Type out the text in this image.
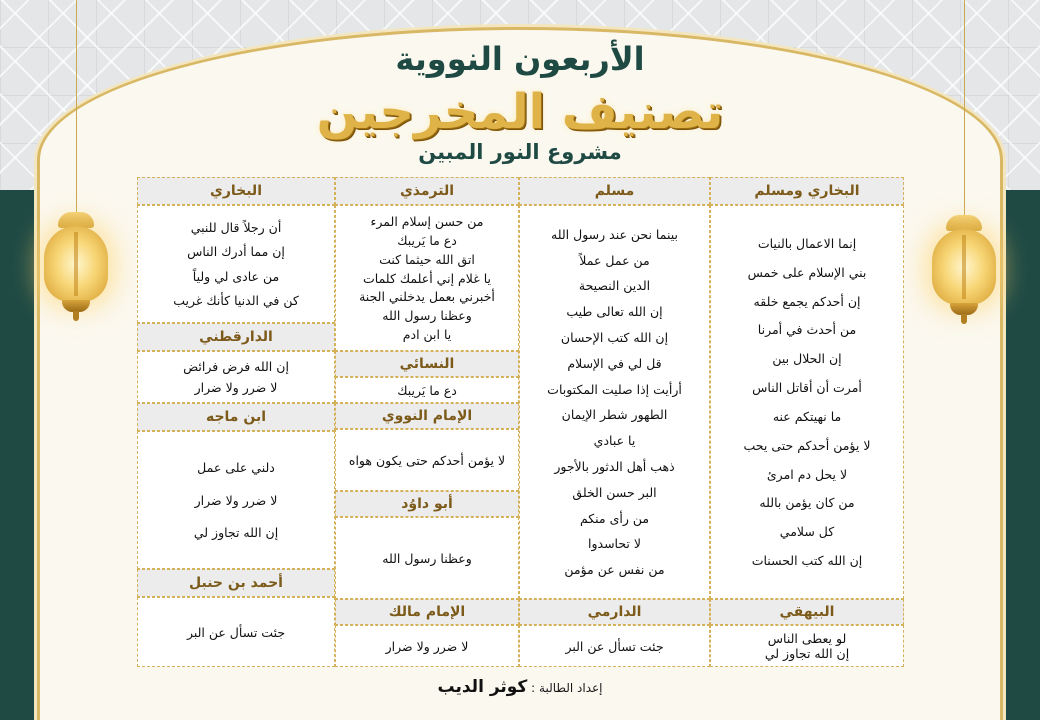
الأربعون النووية
تصنيف المخرجين
مشروع النور المبين
البخاري ومسلم
إنما الاعمال بالنيات
بني الإسلام على خمس
إن أحدكم يجمع خلقه
من أحدث في أمرنا
إن الحلال بين
أمرت أن أقاتل الناس
ما نهيتكم عنه
لا يؤمن أحدكم حتى يحب
لا يحل دم امرئ
من كان يؤمن بالله
كل سلامي
إن الله كتب الحسنات
البيهقي
لو يعطى الناس
إن الله تجاوز لي
مسلم
بينما نحن عند رسول الله
من عمل عملاً
الدين النصيحة
إن الله تعالى طيب
إن الله كتب الإحسان
قل لي في الإسلام
أرأيت إذا صليت المكتوبات
الطهور شطر الإيمان
يا عبادي
ذهب أهل الدثور بالأجور
البر حسن الخلق
من رأى منكم
لا تحاسدوا
من نفس عن مؤمن
الدارمي
جئت تسأل عن البر
الترمذي
من حسن إسلام المرء
دع ما يَريبك
اتق الله حيثما كنت
يا غلام إني أعلمك كلمات
أخبرني بعمل يدخلني الجنة
وعظنا رسول الله
يا ابن ادم
النسائي
دع ما يَريبك
الإمام النووي
لا يؤمن أحدكم حتى يكون هواه
أبو داوُد
وعظنا رسول الله
الإمام مالك
لا ضرر ولا ضرار
البخاري
أن رجلاً قال للنبي
إن مما أدرك الناس
من عادى لي ولياً
كن في الدنيا كأنك غريب
الدارقطني
إن الله فرض فرائض
لا ضرر ولا ضرار
ابن ماجه
دلني على عمل
لا ضرر ولا ضرار
إن الله تجاوز لي
أحمد بن حنبل
جئت تسأل عن البر
إعداد الطالبة : كوثر الديب
